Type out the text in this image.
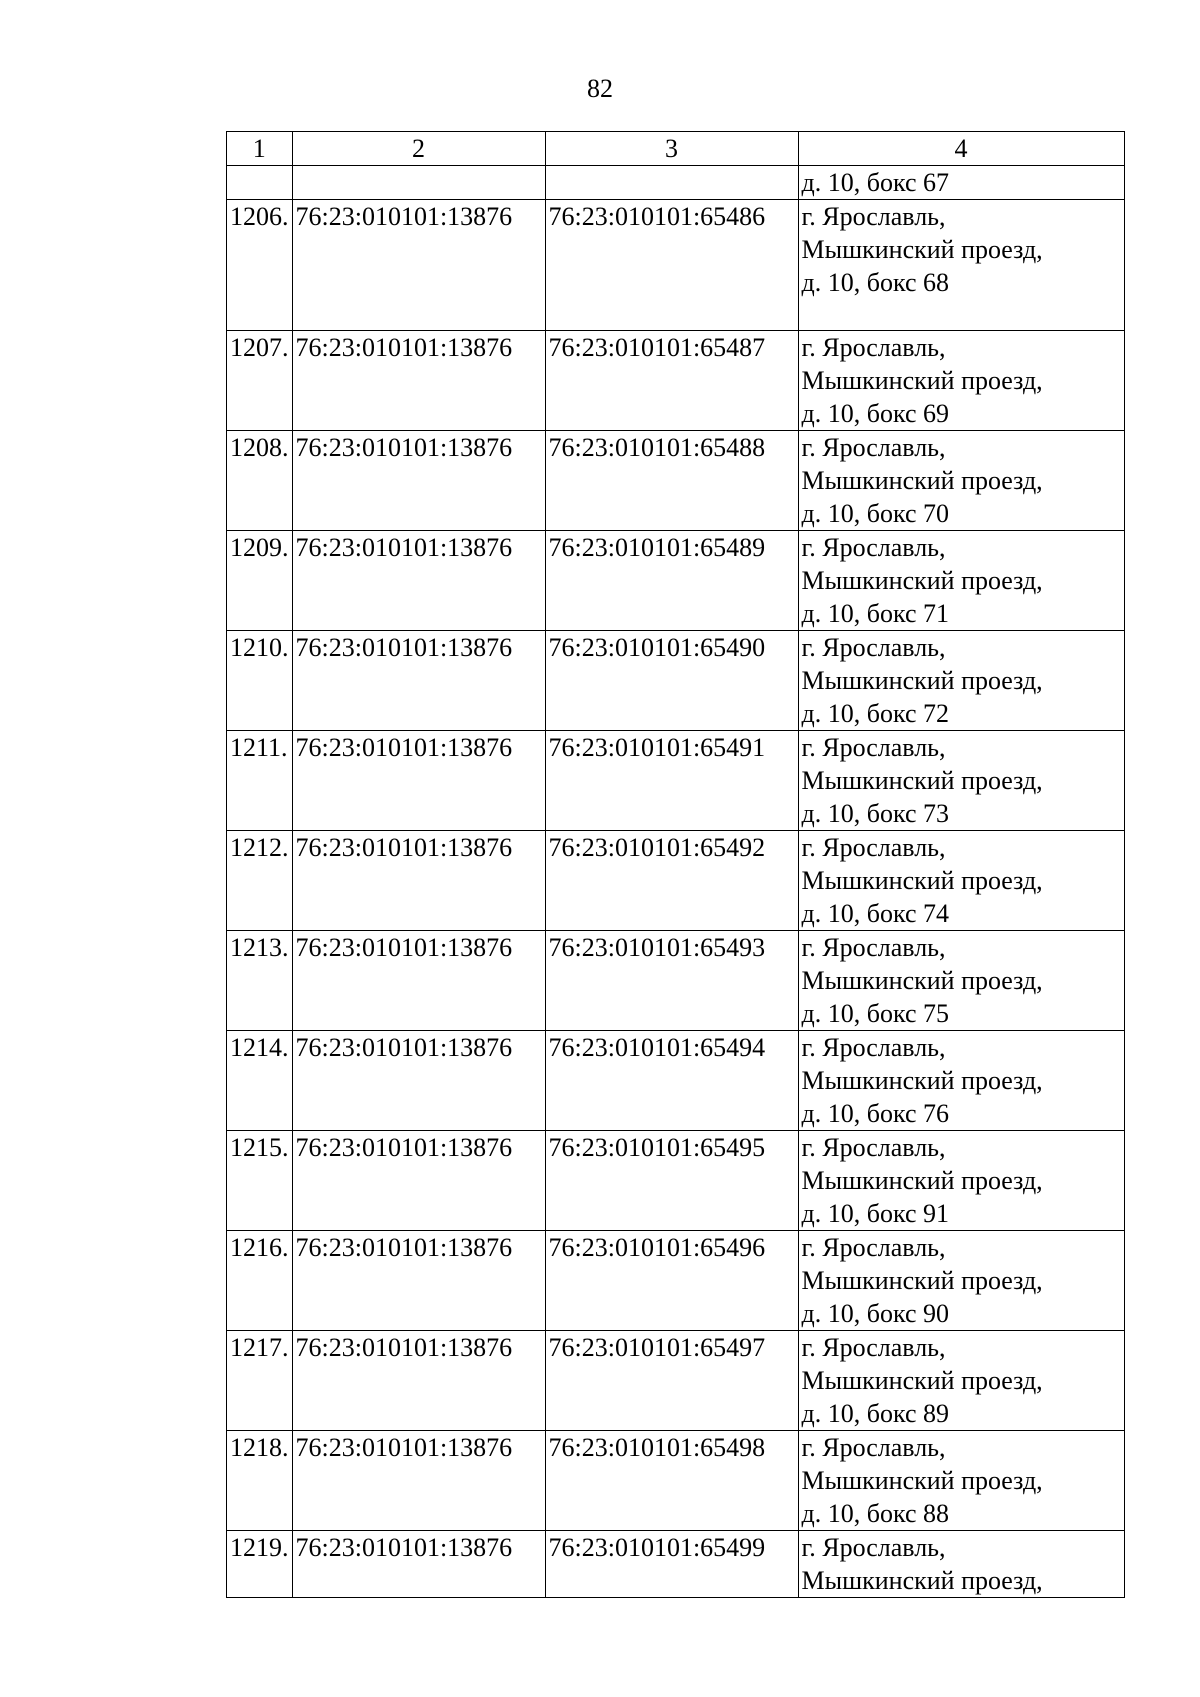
82
1	2	3	4

			д. 10, бокс 67

1206.	76:23:010101:13876	76:23:010101:65486	г. Ярославль,
Мышкинский проезд,
д. 10, бокс 68

1207.	76:23:010101:13876	76:23:010101:65487	г. Ярославль,
Мышкинский проезд,
д. 10, бокс 69

1208.	76:23:010101:13876	76:23:010101:65488	г. Ярославль,
Мышкинский проезд,
д. 10, бокс 70

1209.	76:23:010101:13876	76:23:010101:65489	г. Ярославль,
Мышкинский проезд,
д. 10, бокс 71

1210.	76:23:010101:13876	76:23:010101:65490	г. Ярославль,
Мышкинский проезд,
д. 10, бокс 72

1211.	76:23:010101:13876	76:23:010101:65491	г. Ярославль,
Мышкинский проезд,
д. 10, бокс 73

1212.	76:23:010101:13876	76:23:010101:65492	г. Ярославль,
Мышкинский проезд,
д. 10, бокс 74

1213.	76:23:010101:13876	76:23:010101:65493	г. Ярославль,
Мышкинский проезд,
д. 10, бокс 75

1214.	76:23:010101:13876	76:23:010101:65494	г. Ярославль,
Мышкинский проезд,
д. 10, бокс 76

1215.	76:23:010101:13876	76:23:010101:65495	г. Ярославль,
Мышкинский проезд,
д. 10, бокс 91

1216.	76:23:010101:13876	76:23:010101:65496	г. Ярославль,
Мышкинский проезд,
д. 10, бокс 90

1217.	76:23:010101:13876	76:23:010101:65497	г. Ярославль,
Мышкинский проезд,
д. 10, бокс 89

1218.	76:23:010101:13876	76:23:010101:65498	г. Ярославль,
Мышкинский проезд,
д. 10, бокс 88

1219.	76:23:010101:13876	76:23:010101:65499	г. Ярославль,
Мышкинский проезд,
